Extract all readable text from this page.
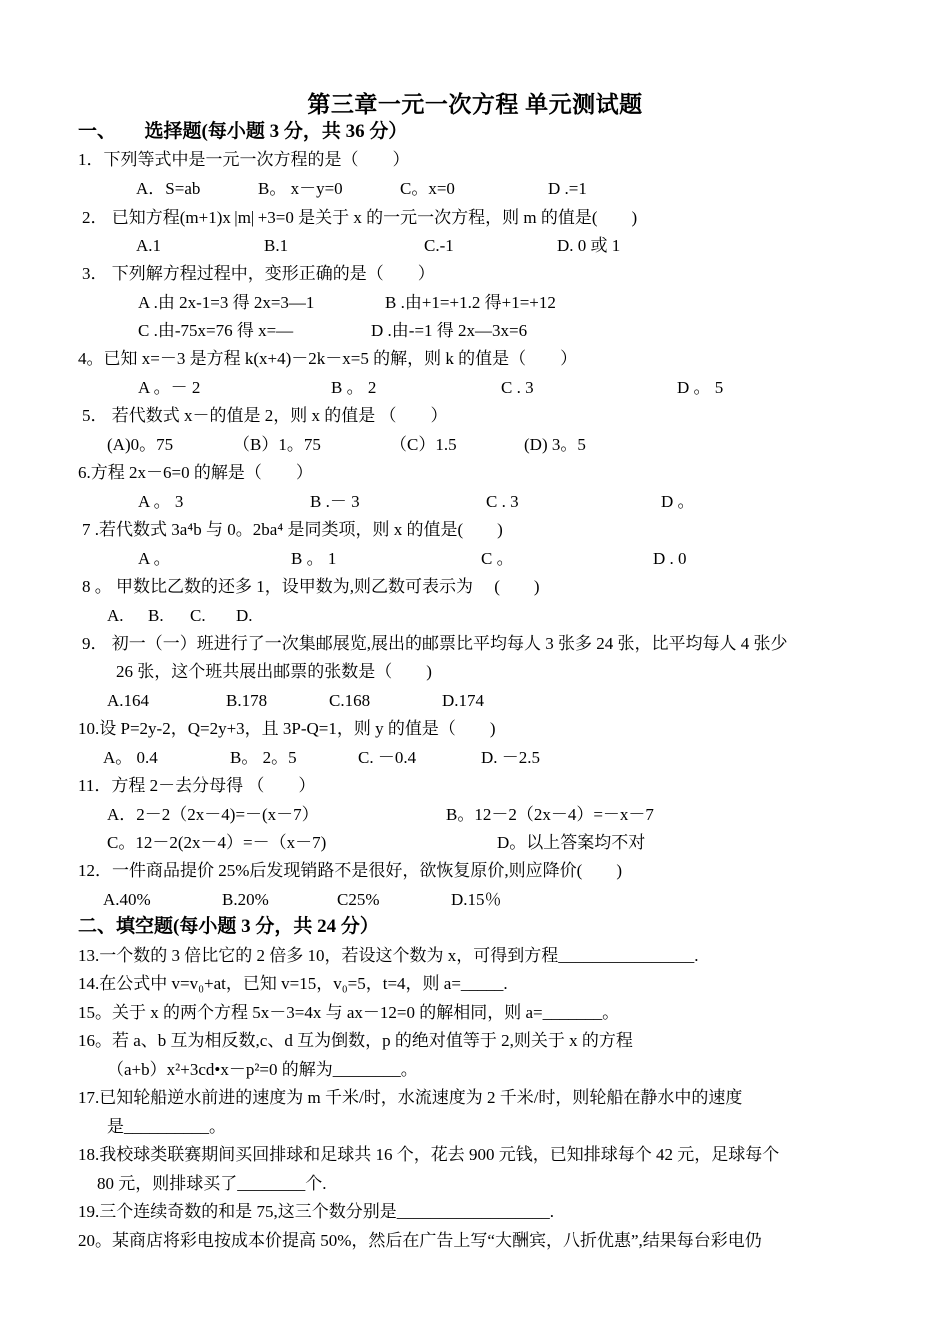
第三章一元一次方程 单元测试题
一、      选择题(每小题 3 分，共 36 分）
1．下列等式中是一元一次方程的是（　　）
A．S=ab	B。 x－y=0	C。x=0	D .=1
2． 已知方程(m+1)x |m| +3=0 是关于 x 的一元一次方程，则 m 的值是(　　)
A.1	B.1	C.-1	D. 0 或 1
3． 下列解方程过程中，变形正确的是（　　）
A .由 2x-1=3 得 2x=3—1	B .由+1=+1.2 得+1=+12
C .由-75x=76 得 x=—	D .由-=1 得 2x—3x=6
4。已知 x=－3 是方程 k(x+4)－2k－x=5 的解，则 k 的值是（　　）
A 。－ 2	B 。 2	C . 3	D 。 5
5． 若代数式 x－的值是 2，则 x 的值是 （　　）
(A)0。75	（B）1。75	（C）1.5	(D) 3。5
6.方程 2x－6=0 的解是（　　）
A 。 3	B .－ 3	C . 3	D 。
7 .若代数式 3a⁴b 与 0。2ba⁴ 是同类项，则 x 的值是(　　)
A 。	B 。 1	C 。	D . 0
8 。 甲数比乙数的还多 1，设甲数为,则乙数可表示为 　(　　)
A. B. C. D.
9． 初一（一）班进行了一次集邮展览,展出的邮票比平均每人 3 张多 24 张，比平均每人 4 张少
26 张，这个班共展出邮票的张数是（　　)
A.164	B.178	C.168	D.174
10.设 P=2y-2，Q=2y+3，且 3P-Q=1，则 y 的值是（　　)
A。 0.4	B。 2。5	C. －0.4	D. －2.5
11．方程 2－去分母得 （　　）
A．2－2（2x－4)=－(x－7）	B。12－2（2x－4）=－x－7
C。12－2(2x－4）=－（x－7)	D。以上答案均不对
12．一件商品提价 25%后发现销路不是很好，欲恢复原价,则应降价(　　)
A.40%	B.20%	C25%	D.15％
二、填空题(每小题 3 分，共 24 分）
13.一个数的 3 倍比它的 2 倍多 10，若设这个数为 x，可得到方程________________.
14.在公式中 v=v₀+at，已知 v=15，v₀=5，t=4，则 a=_____.
15。关于 x 的两个方程 5x－3=4x 与 ax－12=0 的解相同，则 a=_______。
16。若 a、b 互为相反数,c、d 互为倒数，p 的绝对值等于 2,则关于 x 的方程
（a+b）x²+3cd•x－p²=0 的解为________。
17.已知轮船逆水前进的速度为 m 千米/时，水流速度为 2 千米/时，则轮船在静水中的速度
是__________。
18.我校球类联赛期间买回排球和足球共 16 个，花去 900 元钱，已知排球每个 42 元，足球每个
80 元，则排球买了________个.
19.三个连续奇数的和是 75,这三个数分别是__________________.
20。某商店将彩电按成本价提高 50%，然后在广告上写“大酬宾，八折优惠”,结果每台彩电仍
